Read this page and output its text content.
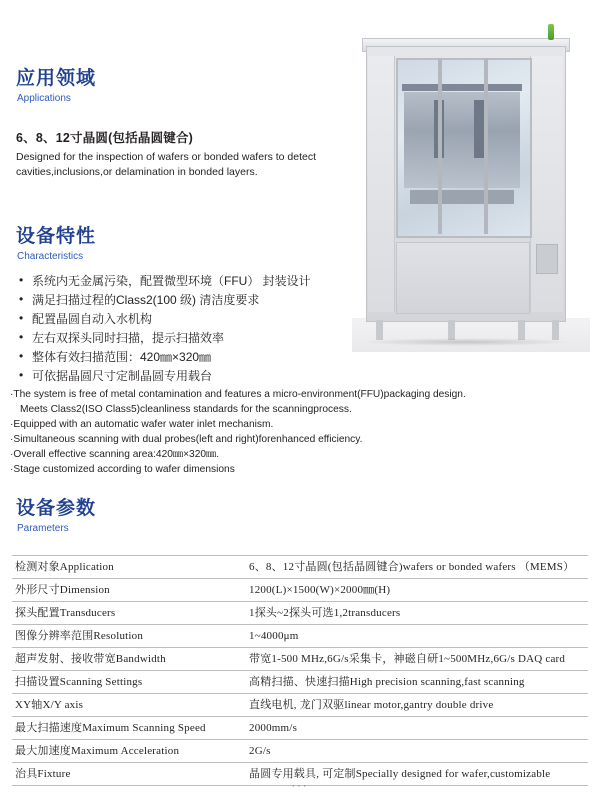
应用领域
Applications
6、8、12寸晶圆(包括晶圆键合)
Designed for the inspection of wafers or bonded wafers to detect cavities,inclusions,or delamination in bonded layers.
设备特性
Characteristics
• 系统内无金属污染，配置微型环境（FFU） 封装设计
• 满足扫描过程的Class2(100 级) 清洁度要求
• 配置晶圆自动入水机构
• 左右双探头同时扫描，提示扫描效率
• 整体有效扫描范围：420㎜×320㎜
• 可依据晶圆尺寸定制晶圆专用载台

·The system is free of metal contamination and features a micro-environment(FFU)packaging design.

Meets Class2(ISO Class5)cleanliness standards for the scanningprocess.

·Equipped with an automatic wafer water inlet mechanism.

·Simultaneous scanning with dual probes(left and right)forenhanced efficiency.

·Overall effective scanning area:420㎜×320㎜.

·Stage customized according to wafer dimensions

设备参数
Parameters
检测对象Application	6、8、12寸晶圆(包括晶圆键合)wafers or bonded wafers （MEMS）
外形尺寸Dimension	1200(L)×1500(W)×2000㎜(H)
探头配置Transducers	1探头~2探头可选1,2transducers
图像分辨率范围Resolution	1~4000μm
超声发射、接收带宽Bandwidth	带宽1-500 MHz,6G/s采集卡，神磁自研1~500MHz,6G/s DAQ card
扫描设置Scanning Settings	高精扫描、快速扫描High precision scanning,fast scanning
XY轴X/Y axis	直线电机, 龙门双驱linear motor,gantry double drive
最大扫描速度Maximum Scanning Speed	2000mm/s
最大加速度Maximum Acceleration	2G/s
治具Fixture	晶圆专用载具, 可定制Specially designed for wafer,customizable
···
